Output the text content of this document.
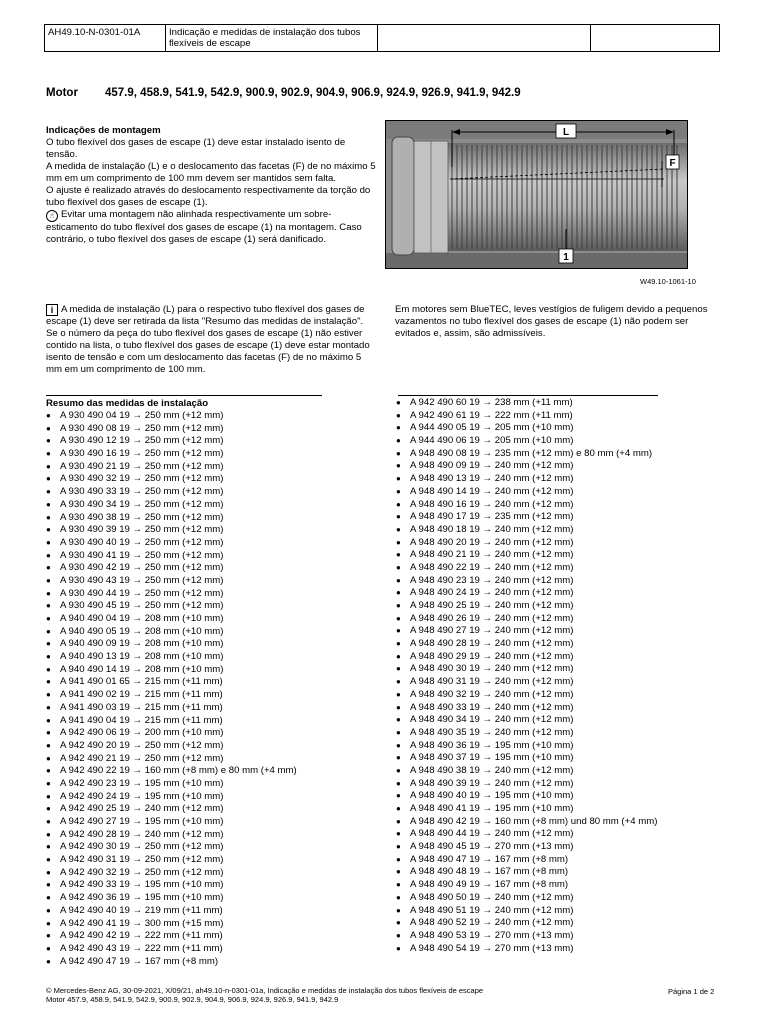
AH49.10-N-0301-01A	Indicação e medidas de instalação dos tubos flexíveis de escape		
Motor 457.9, 458.9, 541.9, 542.9, 900.9, 902.9, 904.9, 906.9, 924.9, 926.9, 941.9, 942.9

Indicações de montagem

O tubo flexível dos gases de escape (1) deve estar instalado isento de tensão.

A medida de instalação (L) e o deslocamento das facetas (F) de no máximo 5 mm em um comprimento de 100 mm devem ser mantidos sem falta.

O ajuste é realizado através do deslocamento respectivamente da torção do tubo flexível dos gases de escape (1).

☝ Evitar uma montagem não alinhada respectivamente um sobre-esticamento do tubo flexível dos gases de escape (1) na montagem. Caso contrário, o tubo flexível dos gases de escape (1) será danificado.

L
F
1
W49.10-1061-10

i A medida de instalação (L) para o respectivo tubo flexível dos gases de escape (1) deve ser retirada da lista "Resumo das medidas de instalação".

Se o número da peça do tubo flexível dos gases de escape (1) não estiver contido na lista, o tubo flexível dos gases de escape (1) deve estar montado isento de tensão e com um deslocamento das facetas (F) de no máximo 5 mm em um comprimento de 100 mm.

Em motores sem BlueTEC, leves vestígios de fuligem devido a pequenos vazamentos no tubo flexível dos gases de escape (1) não podem ser evitados e, assim, são admissíveis.
Resumo das medidas de instalação
● A 930 490 04 19 → 250 mm (+12 mm)
● A 930 490 08 19 → 250 mm (+12 mm)
● A 930 490 12 19 → 250 mm (+12 mm)
● A 930 490 16 19 → 250 mm (+12 mm)
● A 930 490 21 19 → 250 mm (+12 mm)
● A 930 490 32 19 → 250 mm (+12 mm)
● A 930 490 33 19 → 250 mm (+12 mm)
● A 930 490 34 19 → 250 mm (+12 mm)
● A 930 490 38 19 → 250 mm (+12 mm)
● A 930 490 39 19 → 250 mm (+12 mm)
● A 930 490 40 19 → 250 mm (+12 mm)
● A 930 490 41 19 → 250 mm (+12 mm)
● A 930 490 42 19 → 250 mm (+12 mm)
● A 930 490 43 19 → 250 mm (+12 mm)
● A 930 490 44 19 → 250 mm (+12 mm)
● A 930 490 45 19 → 250 mm (+12 mm)
● A 940 490 04 19 → 208 mm (+10 mm)
● A 940 490 05 19 → 208 mm (+10 mm)
● A 940 490 09 19 → 208 mm (+10 mm)
● A 940 490 13 19 → 208 mm (+10 mm)
● A 940 490 14 19 → 208 mm (+10 mm)
● A 941 490 01 65 → 215 mm (+11 mm)
● A 941 490 02 19 → 215 mm (+11 mm)
● A 941 490 03 19 → 215 mm (+11 mm)
● A 941 490 04 19 → 215 mm (+11 mm)
● A 942 490 06 19 → 200 mm (+10 mm)
● A 942 490 20 19 → 250 mm (+12 mm)
● A 942 490 21 19 → 250 mm (+12 mm)
● A 942 490 22 19 → 160 mm (+8 mm) e 80 mm (+4 mm)
● A 942 490 23 19 → 195 mm (+10 mm)
● A 942 490 24 19 → 195 mm (+10 mm)
● A 942 490 25 19 → 240 mm (+12 mm)
● A 942 490 27 19 → 195 mm (+10 mm)
● A 942 490 28 19 → 240 mm (+12 mm)
● A 942 490 30 19 → 250 mm (+12 mm)
● A 942 490 31 19 → 250 mm (+12 mm)
● A 942 490 32 19 → 250 mm (+12 mm)
● A 942 490 33 19 → 195 mm (+10 mm)
● A 942 490 36 19 → 195 mm (+10 mm)
● A 942 490 40 19 → 219 mm (+11 mm)
● A 942 490 41 19 → 300 mm (+15 mm)
● A 942 490 42 19 → 222 mm (+11 mm)
● A 942 490 43 19 → 222 mm (+11 mm)
● A 942 490 47 19 → 167 mm (+8 mm)
● A 942 490 60 19 → 238 mm (+11 mm)
● A 942 490 61 19 → 222 mm (+11 mm)
● A 944 490 05 19 → 205 mm (+10 mm)
● A 944 490 06 19 → 205 mm (+10 mm)
● A 948 490 08 19 → 235 mm (+12 mm) e 80 mm (+4 mm)
● A 948 490 09 19 → 240 mm (+12 mm)
● A 948 490 13 19 → 240 mm (+12 mm)
● A 948 490 14 19 → 240 mm (+12 mm)
● A 948 490 16 19 → 240 mm (+12 mm)
● A 948 490 17 19 → 235 mm (+12 mm)
● A 948 490 18 19 → 240 mm (+12 mm)
● A 948 490 20 19 → 240 mm (+12 mm)
● A 948 490 21 19 → 240 mm (+12 mm)
● A 948 490 22 19 → 240 mm (+12 mm)
● A 948 490 23 19 → 240 mm (+12 mm)
● A 948 490 24 19 → 240 mm (+12 mm)
● A 948 490 25 19 → 240 mm (+12 mm)
● A 948 490 26 19 → 240 mm (+12 mm)
● A 948 490 27 19 → 240 mm (+12 mm)
● A 948 490 28 19 → 240 mm (+12 mm)
● A 948 490 29 19 → 240 mm (+12 mm)
● A 948 490 30 19 → 240 mm (+12 mm)
● A 948 490 31 19 → 240 mm (+12 mm)
● A 948 490 32 19 → 240 mm (+12 mm)
● A 948 490 33 19 → 240 mm (+12 mm)
● A 948 490 34 19 → 240 mm (+12 mm)
● A 948 490 35 19 → 240 mm (+12 mm)
● A 948 490 36 19 → 195 mm (+10 mm)
● A 948 490 37 19 → 195 mm (+10 mm)
● A 948 490 38 19 → 240 mm (+12 mm)
● A 948 490 39 19 → 240 mm (+12 mm)
● A 948 490 40 19 → 195 mm (+10 mm)
● A 948 490 41 19 → 195 mm (+10 mm)
● A 948 490 42 19 → 160 mm (+8 mm) und 80 mm (+4 mm)
● A 948 490 44 19 → 240 mm (+12 mm)
● A 948 490 45 19 → 270 mm (+13 mm)
● A 948 490 47 19 → 167 mm (+8 mm)
● A 948 490 48 19 → 167 mm (+8 mm)
● A 948 490 49 19 → 167 mm (+8 mm)
● A 948 490 50 19 → 240 mm (+12 mm)
● A 948 490 51 19 → 240 mm (+12 mm)
● A 948 490 52 19 → 240 mm (+12 mm)
● A 948 490 53 19 → 270 mm (+13 mm)
● A 948 490 54 19 → 270 mm (+13 mm)
© Mercedes-Benz AG, 30-09-2021, X/09/21, ah49.10-n-0301-01a, Indicação e medidas de instalação dos tubos flexíveis de escape
Motor 457.9, 458.9, 541.9, 542.9, 900.9, 902.9, 904.9, 906.9, 924.9, 926.9, 941.9, 942.9
Página 1 de 2
